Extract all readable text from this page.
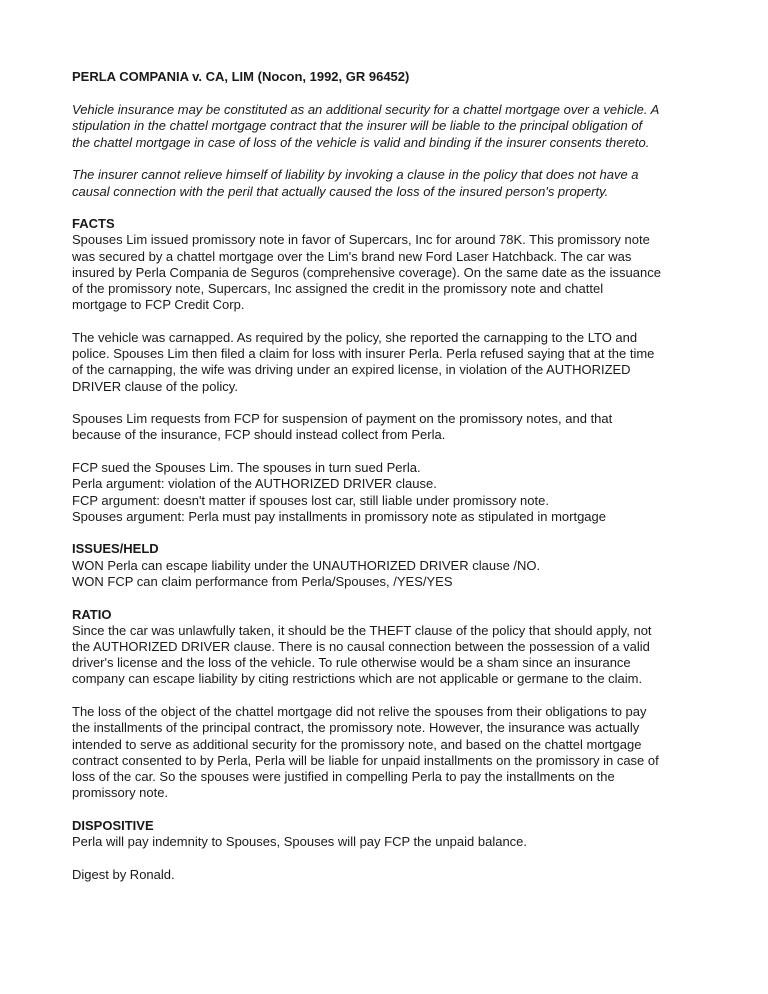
PERLA COMPANIA v. CA, LIM (Nocon, 1992, GR 96452)
Vehicle insurance may be constituted as an additional security for a chattel mortgage over a vehicle. A
stipulation in the chattel mortgage contract that the insurer will be liable to the principal obligation of
the chattel mortgage in case of loss of the vehicle is valid and binding if the insurer consents thereto.
The insurer cannot relieve himself of liability by invoking a clause in the policy that does not have a
causal connection with the peril that actually caused the loss of the insured person's property.
FACTS
Spouses Lim issued promissory note in favor of Supercars, Inc for around 78K. This promissory note
was secured by a chattel mortgage over the Lim's brand new Ford Laser Hatchback. The car was
insured by Perla Compania de Seguros (comprehensive coverage). On the same date as the issuance
of the promissory note, Supercars, Inc assigned the credit in the promissory note and chattel
mortgage to FCP Credit Corp.
The vehicle was carnapped. As required by the policy, she reported the carnapping to the LTO and
police. Spouses Lim then filed a claim for loss with insurer Perla. Perla refused saying that at the time
of the carnapping, the wife was driving under an expired license, in violation of the AUTHORIZED
DRIVER clause of the policy.
Spouses Lim requests from FCP for suspension of payment on the promissory notes, and that
because of the insurance, FCP should instead collect from Perla.
FCP sued the Spouses Lim. The spouses in turn sued Perla.
Perla argument: violation of the AUTHORIZED DRIVER clause.
FCP argument: doesn't matter if spouses lost car, still liable under promissory note.
Spouses argument: Perla must pay installments in promissory note as stipulated in mortgage
ISSUES/HELD
WON Perla can escape liability under the UNAUTHORIZED DRIVER clause /NO.
WON FCP can claim performance from Perla/Spouses, /YES/YES
RATIO
Since the car was unlawfully taken, it should be the THEFT clause of the policy that should apply, not
the AUTHORIZED DRIVER clause. There is no causal connection between the possession of a valid
driver's license and the loss of the vehicle. To rule otherwise would be a sham since an insurance
company can escape liability by citing restrictions which are not applicable or germane to the claim.
The loss of the object of the chattel mortgage did not relive the spouses from their obligations to pay
the installments of the principal contract, the promissory note. However, the insurance was actually
intended to serve as additional security for the promissory note, and based on the chattel mortgage
contract consented to by Perla, Perla will be liable for unpaid installments on the promissory in case of
loss of the car. So the spouses were justified in compelling Perla to pay the installments on the
promissory note.
DISPOSITIVE
Perla will pay indemnity to Spouses, Spouses will pay FCP the unpaid balance.
Digest by Ronald.
